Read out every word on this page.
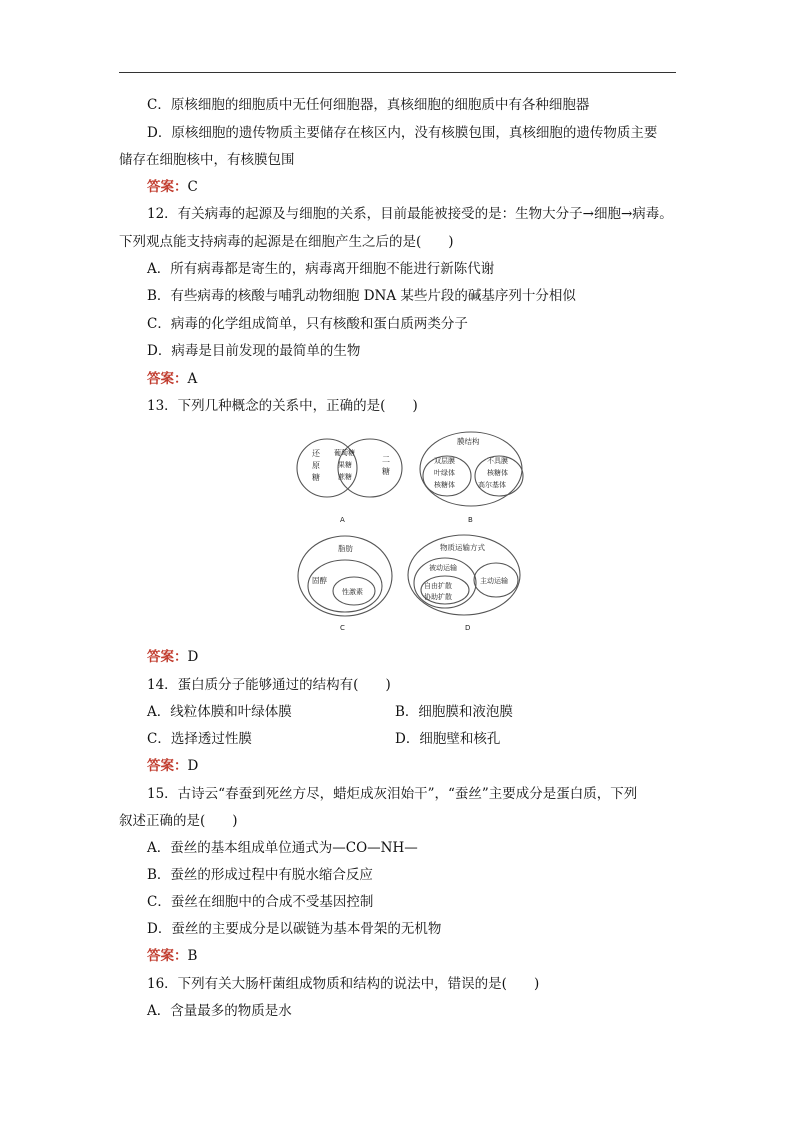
C．原核细胞的细胞质中无任何细胞器，真核细胞的细胞质中有各种细胞器
D．原核细胞的遗传物质主要储存在核区内，没有核膜包围，真核细胞的遗传物质主要
储存在细胞核中，有核膜包围
答案：C
12．有关病毒的起源及与细胞的关系，目前最能被接受的是：生物大分子→细胞→病毒。
下列观点能支持病毒的起源是在细胞产生之后的是(　　)
A．所有病毒都是寄生的，病毒离开细胞不能进行新陈代谢
B．有些病毒的核酸与哺乳动物细胞 DNA 某些片段的碱基序列十分相似
C．病毒的化学组成简单，只有核酸和蛋白质两类分子
D．病毒是目前发现的最简单的生物
答案：A
13．下列几种概念的关系中，正确的是(　　)
还
原
糖
葡萄糖
果糖
蔗糖
二
糖
A
膜结构
双层膜
叶绿体
核糖体
不具膜
核糖体
高尔基体
B
脂肪
固醇
性激素
C
物质运输方式
被动运输
自由扩散
协助扩散
主动运输
D
答案：D
14．蛋白质分子能够通过的结构有(　　)
A．线粒体膜和叶绿体膜	B．细胞膜和液泡膜
C．选择透过性膜	D．细胞壁和核孔
答案：D
15．古诗云“春蚕到死丝方尽，蜡炬成灰泪始干”，“蚕丝”主要成分是蛋白质，下列
叙述正确的是(　　)
A．蚕丝的基本组成单位通式为—CO—NH—
B．蚕丝的形成过程中有脱水缩合反应
C．蚕丝在细胞中的合成不受基因控制
D．蚕丝的主要成分是以碳链为基本骨架的无机物
答案：B
16．下列有关大肠杆菌组成物质和结构的说法中，错误的是(　　)
A．含量最多的物质是水
